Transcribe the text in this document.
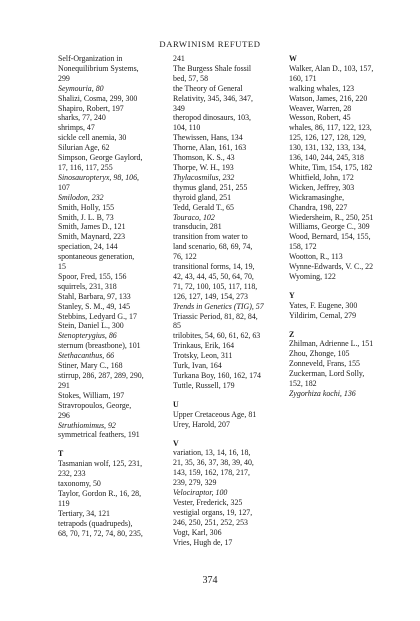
DARWINISM REFUTED
Self-Organization in
Nonequilibrium Systems,
299
Seymouria, 80
Shalizi, Cosma, 299, 300
Shapiro, Robert, 197
sharks, 77, 240
shrimps, 47
sickle cell anemia, 30
Silurian Age, 62
Simpson, George Gaylord,
17, 116, 117, 255
Sinosauropteryx, 98, 106,
107
Smilodon, 232
Smith, Holly, 155
Smith, J. L. B, 73
Smith, James D., 121
Smith, Maynard, 223
speciation, 24, 144
spontaneous generation,
15
Spoor, Fred, 155, 156
squirrels, 231, 318
Stahl, Barbara, 97, 133
Stanley, S. M., 49, 145
Stebbins, Ledyard G., 17
Stein, Daniel L., 300
Stenopterygius, 86
sternum (breastbone), 101
Stethacanthus, 66
Stiner, Mary C., 168
stirrup, 286, 287, 289, 290,
291
Stokes, William, 197
Stravropoulos, George,
296
Struthiomimus, 92
symmetrical feathers, 191
T
Tasmanian wolf, 125, 231,
232, 233
taxonomy, 50
Taylor, Gordon R., 16, 28,
119
Tertiary, 34, 121
tetrapods (quadrupeds),
68, 70, 71, 72, 74, 80, 235,
241
The Burgess Shale fossil
bed, 57, 58
the Theory of General
Relativity, 345, 346, 347,
349
theropod dinosaurs, 103,
104, 110
Thewissen, Hans, 134
Thorne, Alan, 161, 163
Thomson, K. S., 43
Thorpe, W. H., 193
Thylacosmilus, 232
thymus gland, 251, 255
thyroid gland, 251
Tedd, Gerald T., 65
Touraco, 102
transducin, 281
transition from water to
land scenario, 68, 69, 74,
76, 122
transitional forms, 14, 19,
42, 43, 44, 45, 50, 64, 70,
71, 72, 100, 105, 117, 118,
126, 127, 149, 154, 273
Trends in Genetics (TIG), 57
Triassic Period, 81, 82, 84,
85
trilobites, 54, 60, 61, 62, 63
Trinkaus, Erik, 164
Trotsky, Leon, 311
Turk, Ivan, 164
Turkana Boy, 160, 162, 174
Tuttle, Russell, 179
U
Upper Cretaceous Age, 81
Urey, Harold, 207
V
variation, 13, 14, 16, 18,
21, 35, 36, 37, 38, 39, 40,
143, 159, 162, 178, 217,
239, 279, 329
Velociraptor, 100
Vester, Frederick, 325
vestigial organs, 19, 127,
246, 250, 251, 252, 253
Vogt, Karl, 306
Vries, Hugh de, 17
W
Walker, Alan D., 103, 157,
160, 171
walking whales, 123
Watson, James, 216, 220
Weaver, Warren, 28
Wesson, Robert, 45
whales, 86, 117, 122, 123,
125, 126, 127, 128, 129,
130, 131, 132, 133, 134,
136, 140, 244, 245, 318
White, Tim, 154, 175, 182
Whitfield, John, 172
Wicken, Jeffrey, 303
Wickramasinghe,
Chandra, 198, 227
Wiedersheim, R., 250, 251
Williams, George C., 309
Wood, Bernard, 154, 155,
158, 172
Wootton, R., 113
Wynne-Edwards, V. C., 22
Wyoming, 122
Y
Yates, F. Eugene, 300
Yildirim, Cemal, 279
Z
Zhilman, Adrienne L., 151
Zhou, Zhonge, 105
Zonneveld, Frans, 155
Zuckerman, Lord Solly,
152, 182
Zygorhiza kochi, 136
374
